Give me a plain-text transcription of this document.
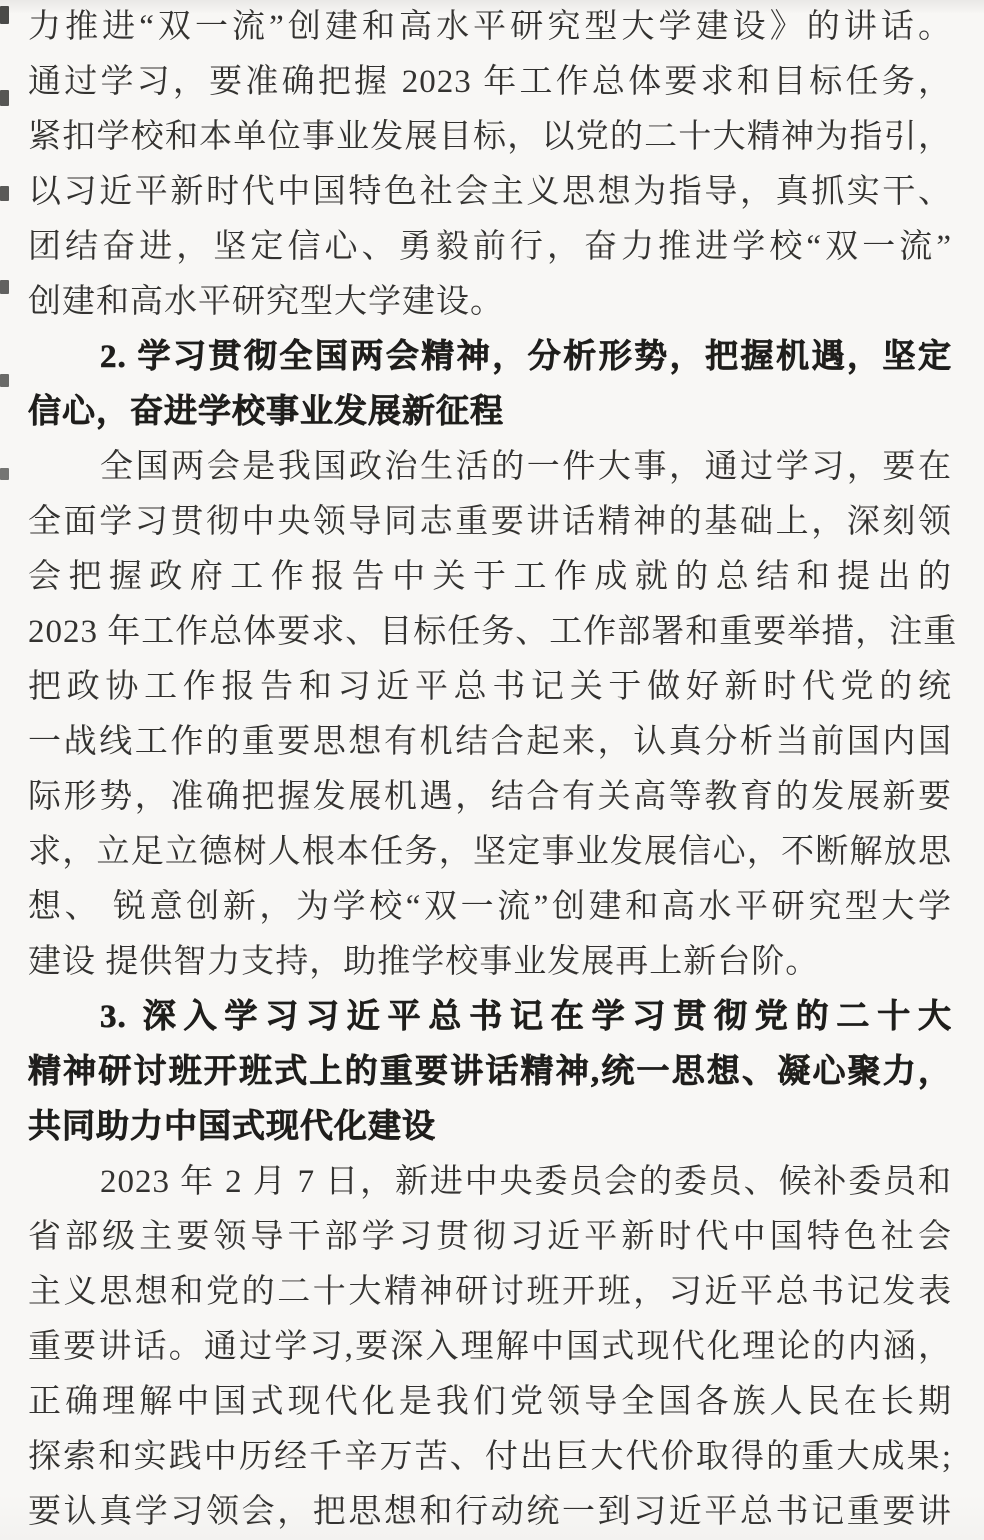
力推进“双一流”创建和高水平研究型大学建设》的讲话。
通过学习，要准确把握 2023 年工作总体要求和目标任务，
紧扣学校和本单位事业发展目标，以党的二十大精神为指引，
以习近平新时代中国特色社会主义思想为指导，真抓实干、
团结奋进，坚定信心、勇毅前行，奋力推进学校“双一流”
创建和高水平研究型大学建设。
2. 学习贯彻全国两会精神，分析形势，把握机遇，坚定
信心，奋进学校事业发展新征程
全国两会是我国政治生活的一件大事，通过学习，要在
全面学习贯彻中央领导同志重要讲话精神的基础上，深刻领
会把握政府工作报告中关于工作成就的总结和提出的
2023 年工作总体要求、目标任务、工作部署和重要举措，注重
把政协工作报告和习近平总书记关于做好新时代党的统
一战线工作的重要思想有机结合起来，认真分析当前国内国
际形势，准确把握发展机遇，结合有关高等教育的发展新要
求，立足立德树人根本任务，坚定事业发展信心，不断解放思
想、 锐意创新，为学校“双一流”创建和高水平研究型大学
建设 提供智力支持，助推学校事业发展再上新台阶。
3. 深入学习习近平总书记在学习贯彻党的二十大
精神研讨班开班式上的重要讲话精神,统一思想、凝心聚力，
共同助力中国式现代化建设
2023 年 2 月 7 日，新进中央委员会的委员、候补委员和
省部级主要领导干部学习贯彻习近平新时代中国特色社会
主义思想和党的二十大精神研讨班开班，习近平总书记发表
重要讲话。通过学习,要深入理解中国式现代化理论的内涵，
正确理解中国式现代化是我们党领导全国各族人民在长期
探索和实践中历经千辛万苦、付出巨大代价取得的重大成果;
要认真学习领会，把思想和行动统一到习近平总书记重要讲
